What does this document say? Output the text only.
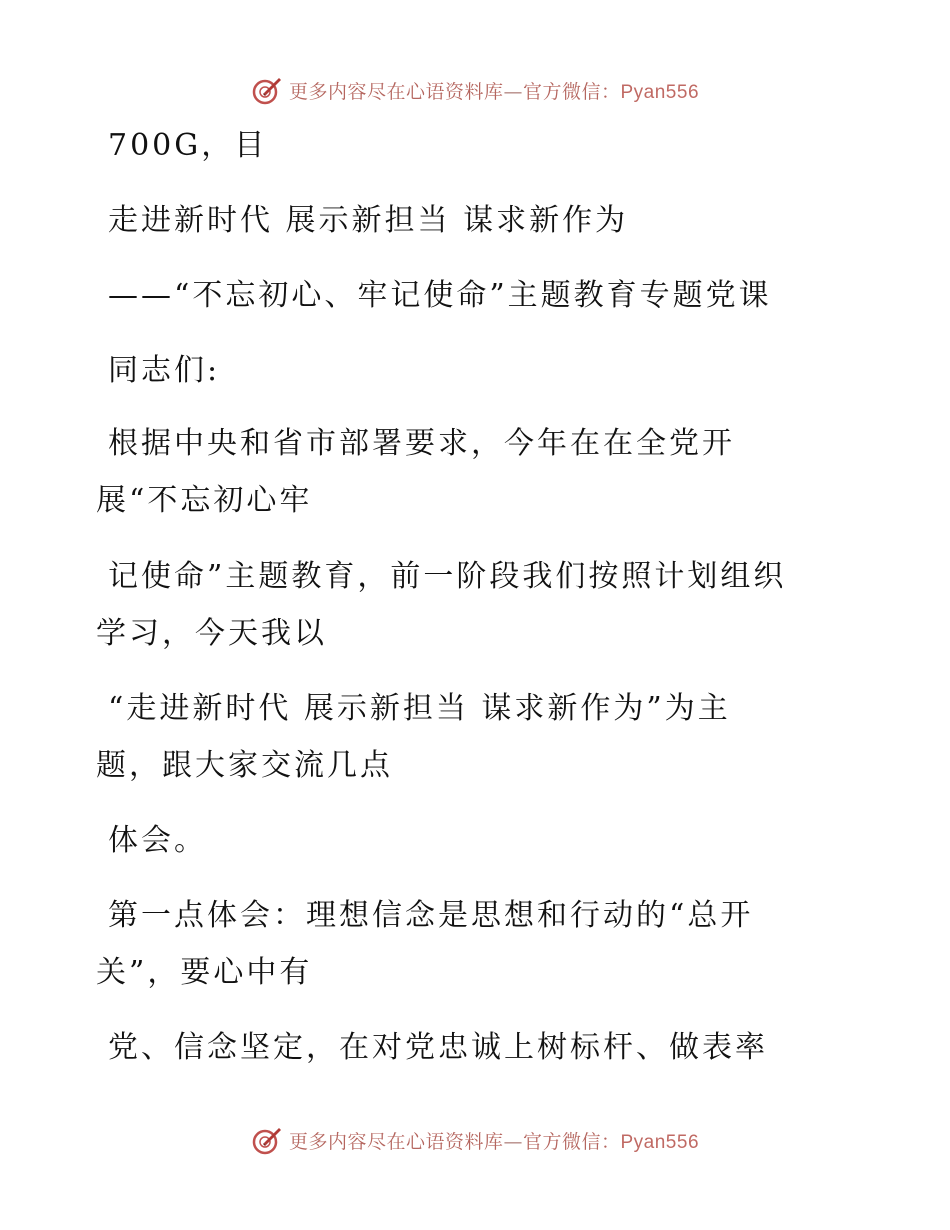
更多内容尽在心语资料库—官方微信：Pyan556
700G，目
走进新时代 展示新担当 谋求新作为
——“不忘初心、牢记使命”主题教育专题党课
同志们:
根据中央和省市部署要求，今年在在全党开
展“不忘初心牢
记使命”主题教育，前一阶段我们按照计划组织
学习，今天我以
“走进新时代 展示新担当 谋求新作为”为主
题，跟大家交流几点
体会。
第一点体会：理想信念是思想和行动的“总开
关”，要心中有
党、信念坚定，在对党忠诚上树标杆、做表率
更多内容尽在心语资料库—官方微信：Pyan556
